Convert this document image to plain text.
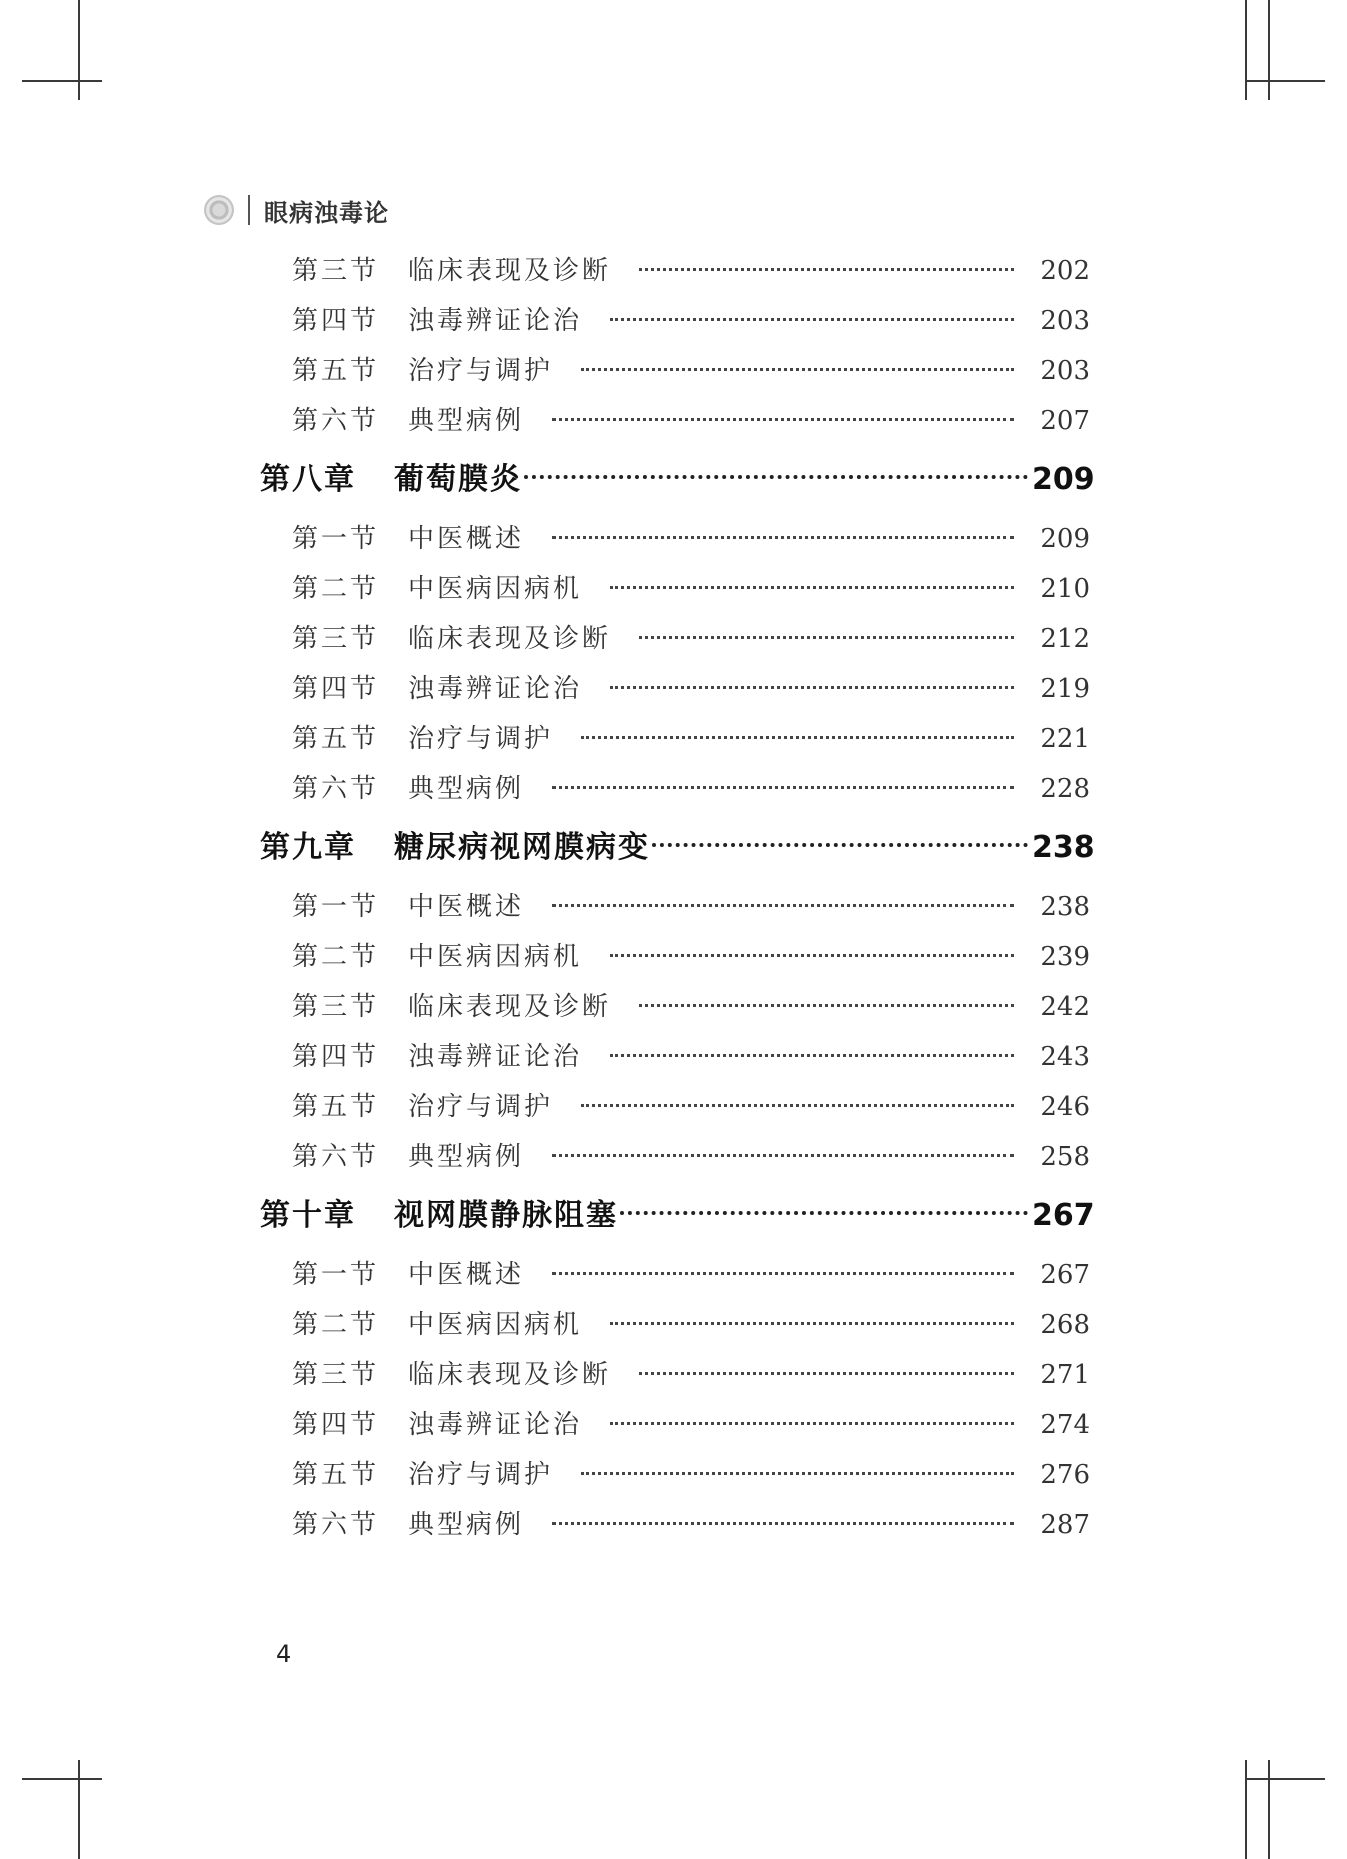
眼病浊毒论
第三节	临床表现及诊断	202
第四节	浊毒辨证论治	203
第五节	治疗与调护	203
第六节	典型病例	207
第八章	葡萄膜炎	209
第一节	中医概述	209
第二节	中医病因病机	210
第三节	临床表现及诊断	212
第四节	浊毒辨证论治	219
第五节	治疗与调护	221
第六节	典型病例	228
第九章	糖尿病视网膜病变	238
第一节	中医概述	238
第二节	中医病因病机	239
第三节	临床表现及诊断	242
第四节	浊毒辨证论治	243
第五节	治疗与调护	246
第六节	典型病例	258
第十章	视网膜静脉阻塞	267
第一节	中医概述	267
第二节	中医病因病机	268
第三节	临床表现及诊断	271
第四节	浊毒辨证论治	274
第五节	治疗与调护	276
第六节	典型病例	287
4
